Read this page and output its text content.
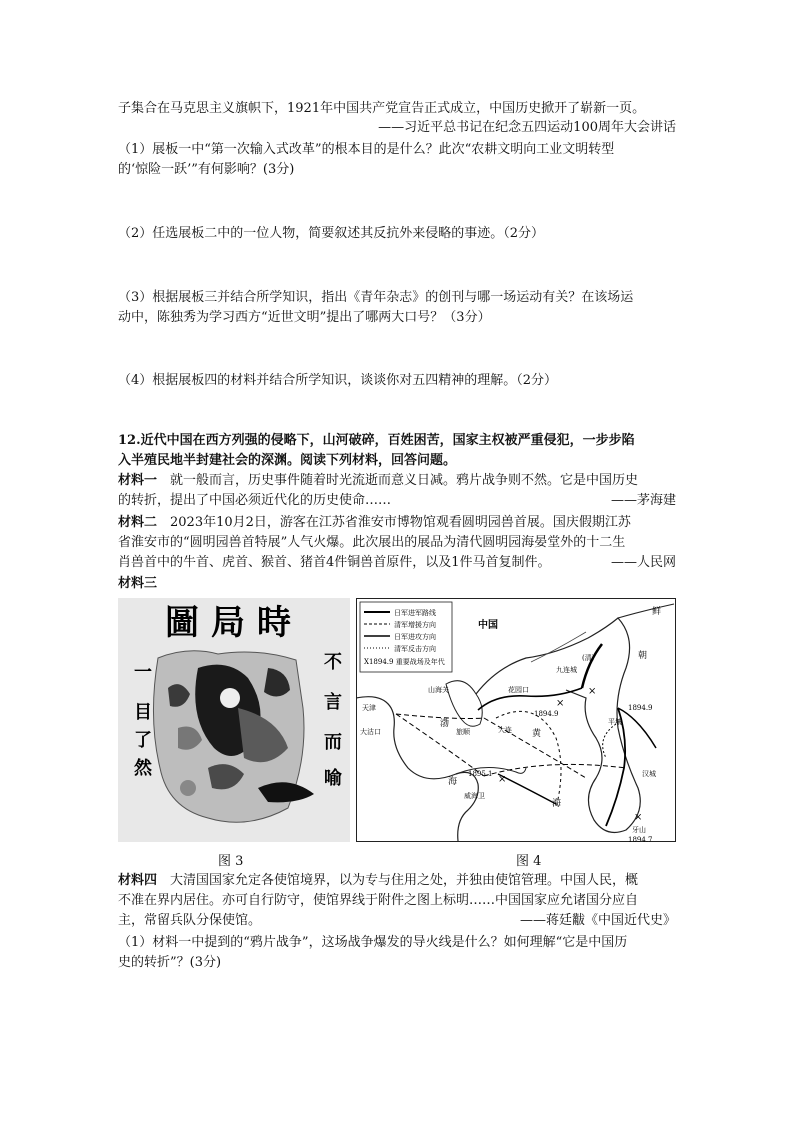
子集合在马克思主义旗帜下，1921年中国共产党宣告正式成立，中国历史掀开了崭新一页。
——习近平总书记在纪念五四运动100周年大会讲话
（1）展板一中“第一次输入式改革”的根本目的是什么？此次“农耕文明向工业文明转型
的‘惊险一跃’”有何影响？(3分)
（2）任选展板二中的一位人物，简要叙述其反抗外来侵略的事迹。（2分）
（3）根据展板三并结合所学知识，指出《青年杂志》的创刊与哪一场运动有关？在该场运
动中，陈独秀为学习西方“近世文明”提出了哪两大口号？（3分）
（4）根据展板四的材料并结合所学知识，谈谈你对五四精神的理解。（2分）
12.近代中国在西方列强的侵略下，山河破碎，百姓困苦，国家主权被严重侵犯，一步步陷
入半殖民地半封建社会的深渊。阅读下列材料，回答问题。
材料一　就一般而言，历史事件随着时光流逝而意义日减。鸦片战争则不然。它是中国历史
的转折，提出了中国必须近代化的历史使命……	——茅海建
材料二　2023年10月2日，游客在江苏省淮安市博物馆观看圆明园兽首展。国庆假期江苏
省淮安市的“圆明园兽首特展”人气火爆。此次展出的展品为清代圆明园海晏堂外的十二生
肖兽首中的牛首、虎首、猴首、猪首4件铜兽首原件，以及1件马首复制件。	——人民网
材料三
圖局時
一
目
了
然
不
言
而
喻
图 3
日军进军路线
清军增援方向
日军进攻方向
清军反击方向
X1894.9 重要战场及年代
×
×
×
×
中国
(清)
山海关	花园口
天津
大沽口	旅顺	大连
渤
海
黄
海
九连城
威海卫
平壤
汉城
牙山
朝
鲜
1894.9
1894.9
1895.1
1894.7
图 4
材料四　大清国国家允定各使馆境界，以为专与住用之处，并独由使馆管理。中国人民，概
不准在界内居住。亦可自行防守，使馆界线于附件之图上标明……中国国家应允诸国分应自
主，常留兵队分保使馆。	——蒋廷黻《中国近代史》
（1）材料一中提到的“鸦片战争”，这场战争爆发的导火线是什么？如何理解“它是中国历
史的转折”？(3分)
